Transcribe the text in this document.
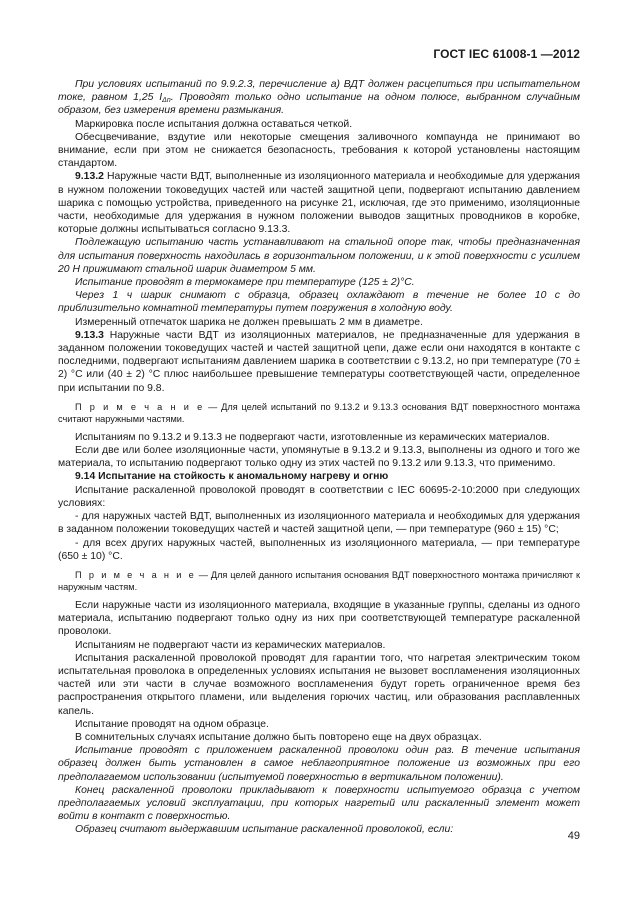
ГОСТ IEC 61008-1 —2012

При условиях испытаний по 9.9.2.3, перечисление а) ВДТ должен расцепиться при испытательном токе, равном 1,25 $I_{\Delta n}$. Проводят только одно испытание на одном полюсе, выбранном случайным образом, без измерения времени размыкания.

Маркировка после испытания должна оставаться четкой.

Обесцвечивание, вздутие или некоторые смещения заливочного компаунда не принимают во внимание, если при этом не снижается безопасность, требования к которой установлены настоящим стандартом.

9.13.2 Наружные части ВДТ, выполненные из изоляционного материала и необходимые для удержания в нужном положении токоведущих частей или частей защитной цепи, подвергают испытанию давлением шарика с помощью устройства, приведенного на рисунке 21, исключая, где это применимо, изоляционные части, необходимые для удержания в нужном положении выводов защитных проводников в коробке, которые должны испытываться согласно 9.13.3.

Подлежащую испытанию часть устанавливают на стальной опоре так, чтобы предназначенная для испытания поверхность находилась в горизонтальном положении, и к этой поверхности с усилием 20 Н прижимают стальной шарик диаметром 5 мм.

Испытание проводят в термокамере при температуре (125 ± 2)°С.

Через 1 ч шарик снимают с образца, образец охлаждают в течение не более 10 с до приблизительно комнатной температуры путем погружения в холодную воду.

Измеренный отпечаток шарика не должен превышать 2 мм в диаметре.

9.13.3 Наружные части ВДТ из изоляционных материалов, не предназначенные для удержания в заданном положении токоведущих частей и частей защитной цепи, даже если они находятся в контакте с последними, подвергают испытаниям давлением шарика в соответствии с 9.13.2, но при температуре (70 ± 2) °С или (40 ± 2) °С плюс наибольшее превышение температуры соответствующей части, определенное при испытании по 9.8.

П р и м е ч а н и е — Для целей испытаний по 9.13.2 и 9.13.3 основания ВДТ поверхностного монтажа считают наружными частями.

Испытаниям по 9.13.2 и 9.13.3 не подвергают части, изготовленные из керамических материалов.

Если две или более изоляционные части, упомянутые в 9.13.2 и 9.13.3, выполнены из одного и того же материала, то испытанию подвергают только одну из этих частей по 9.13.2 или 9.13.3, что применимо.

9.14 Испытание на стойкость к аномальному нагреву и огню

Испытание раскаленной проволокой проводят в соответствии с IEC 60695-2-10:2000 при следующих условиях:

- для наружных частей ВДТ, выполненных из изоляционного материала и необходимых для удержания в заданном положении токоведущих частей и частей защитной цепи, — при температуре (960 ± 15) °С;

- для всех других наружных частей, выполненных из изоляционного материала, — при температуре (650 ± 10) °С.

П р и м е ч а н и е — Для целей данного испытания основания ВДТ поверхностного монтажа причисляют к наружным частям.

Если наружные части из изоляционного материала, входящие в указанные группы, сделаны из одного материала, испытанию подвергают только одну из них при соответствующей температуре раскаленной проволоки.

Испытаниям не подвергают части из керамических материалов.

Испытания раскаленной проволокой проводят для гарантии того, что нагретая электрическим током испытательная проволока в определенных условиях испытания не вызовет воспламенения изоляционных частей или эти части в случае возможного воспламенения будут гореть ограниченное время без распространения открытого пламени, или выделения горючих частиц, или образования расплавленных капель.

Испытание проводят на одном образце.

В сомнительных случаях испытание должно быть повторено еще на двух образцах.

Испытание проводят с приложением раскаленной проволоки один раз. В течение испытания образец должен быть установлен в самое неблагоприятное положение из возможных при его предполагаемом использовании (испытуемой поверхностью в вертикальном положении).

Конец раскаленной проволоки прикладывают к поверхности испытуемого образца с учетом предполагаемых условий эксплуатации, при которых нагретый или раскаленный элемент может войти в контакт с поверхностью.

Образец считают выдержавшим испытание раскаленной проволокой, если:

49
